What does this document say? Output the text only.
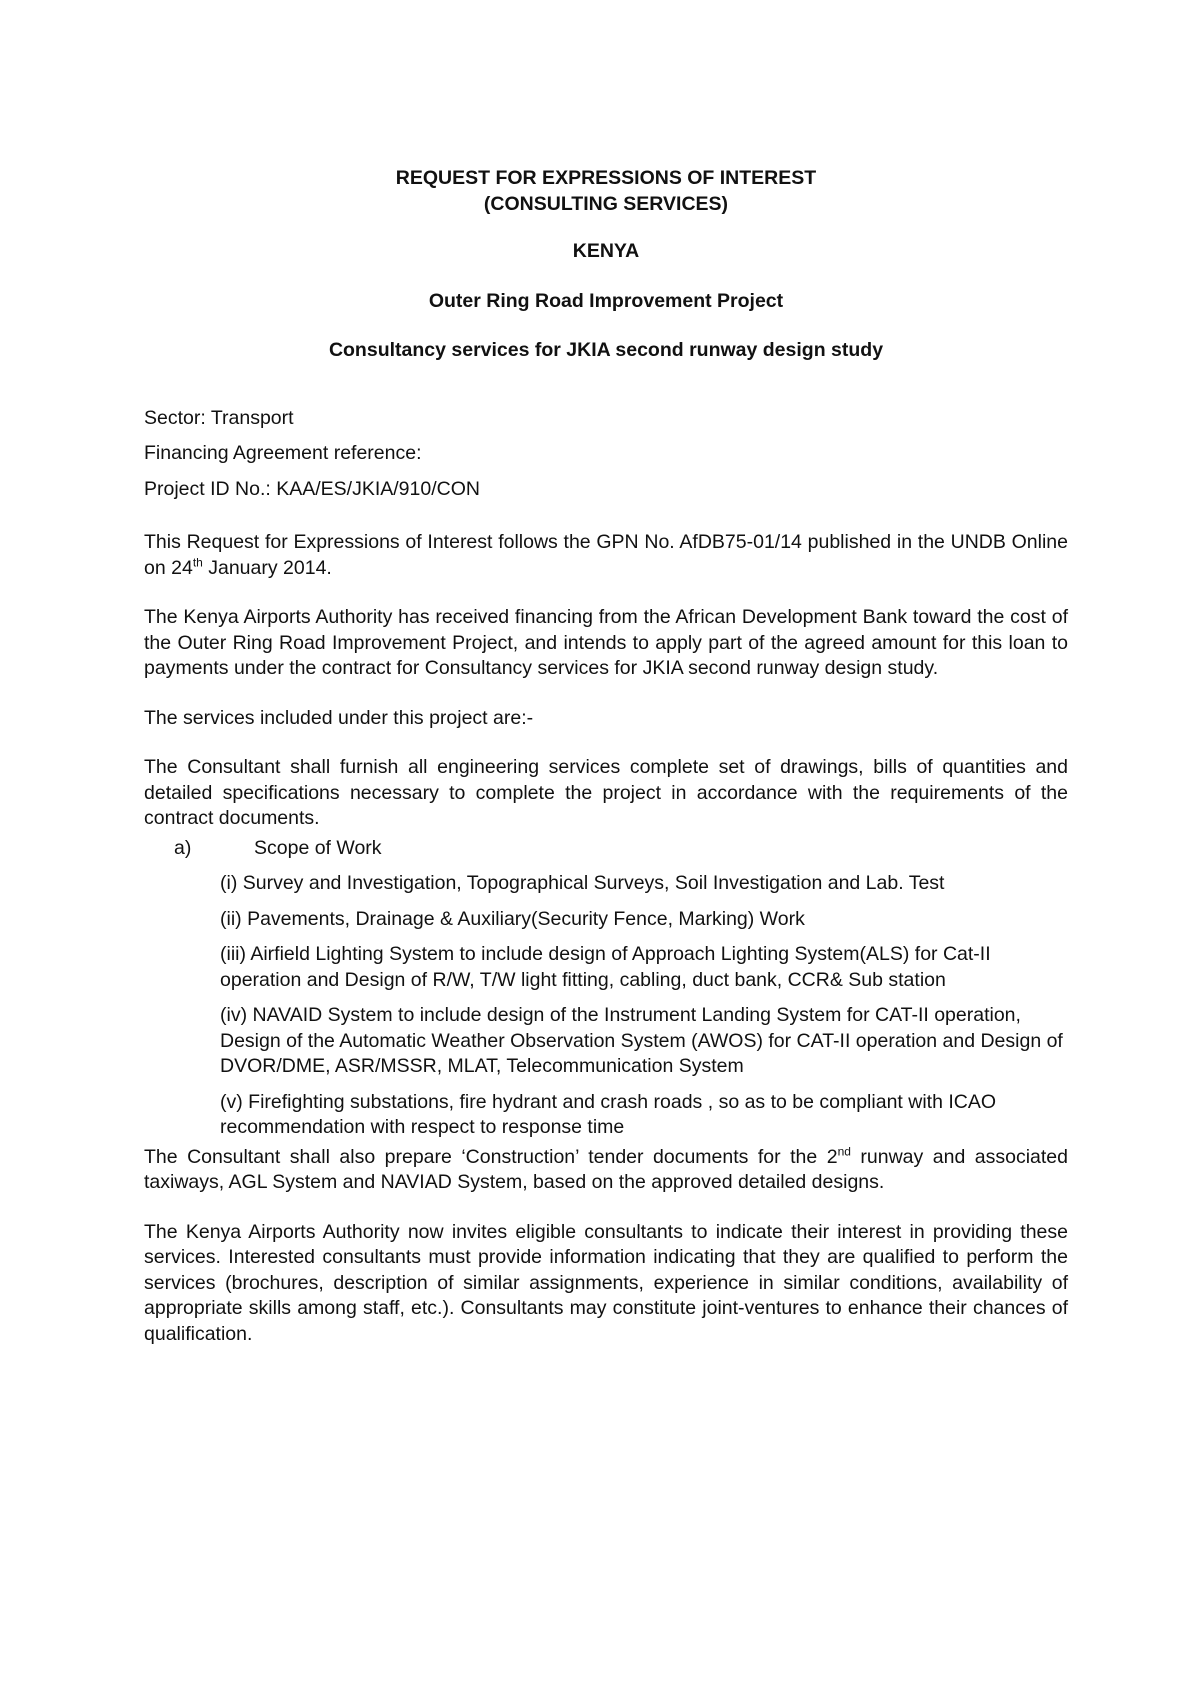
REQUEST FOR EXPRESSIONS OF INTEREST

(CONSULTING SERVICES)

KENYA

Outer Ring Road Improvement Project

Consultancy services for JKIA second runway design study

Sector: Transport

Financing Agreement reference:

Project ID No.: KAA/ES/JKIA/910/CON

This Request for Expressions of Interest follows the GPN No. AfDB75-01/14 published in the UNDB Online on 24th January 2014.

The Kenya Airports Authority has received financing from the African Development Bank toward the cost of the Outer Ring Road Improvement Project, and intends to apply part of the agreed amount for this loan to payments under the contract for Consultancy services for JKIA second runway design study.

The services included under this project are:-

The Consultant shall furnish all engineering services complete set of drawings, bills of quantities and detailed specifications necessary to complete the project in accordance with the requirements of the contract documents.

a)	Scope of Work

(i) Survey and Investigation, Topographical Surveys, Soil Investigation and Lab. Test

(ii) Pavements, Drainage & Auxiliary(Security Fence, Marking) Work

(iii) Airfield Lighting System to include design of Approach Lighting System(ALS) for Cat-II operation and Design of R/W, T/W light fitting, cabling, duct bank, CCR& Sub station

(iv) NAVAID System to include design of the Instrument Landing System for CAT-II operation, Design of the Automatic Weather Observation System (AWOS) for CAT-II operation and Design of DVOR/DME, ASR/MSSR, MLAT, Telecommunication System

(v) Firefighting substations, fire hydrant and crash roads , so as to be compliant with ICAO recommendation with respect to response time

The Consultant shall also prepare ‘Construction’ tender documents for the 2nd runway and associated taxiways, AGL System and NAVIAD System, based on the approved detailed designs.

The Kenya Airports Authority now invites eligible consultants to indicate their interest in providing these services. Interested consultants must provide information indicating that they are qualified to perform the services (brochures, description of similar assignments, experience in similar conditions, availability of appropriate skills among staff, etc.). Consultants may constitute joint-ventures to enhance their chances of qualification.
